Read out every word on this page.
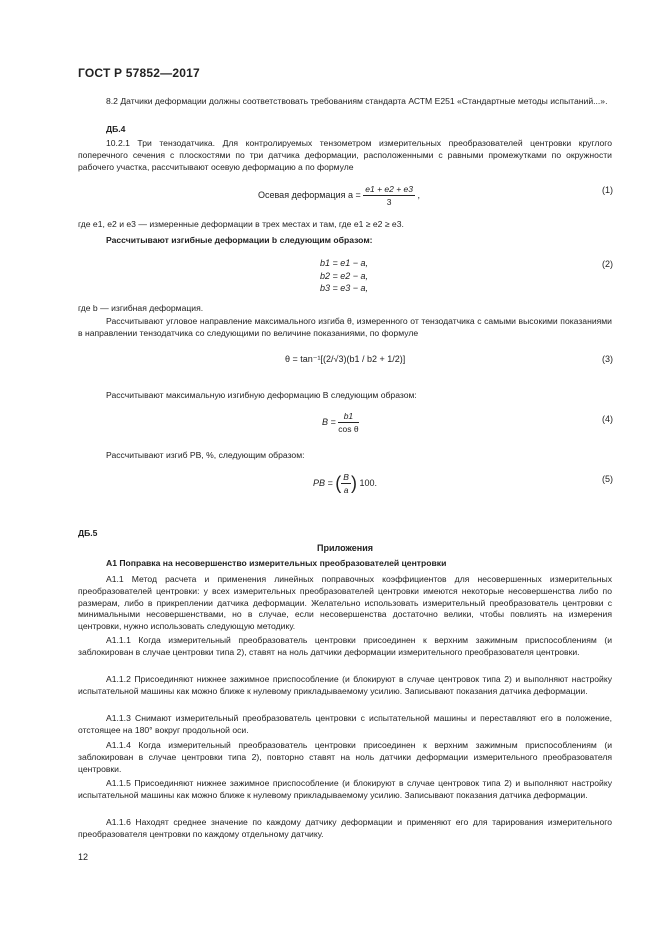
ГОСТ Р 57852—2017

8.2 Датчики деформации должны соответствовать требованиям стандарта АСТМ Е251 «Стандартные методы испытаний...».

ДБ.4

10.2.1 Три тензодатчика. Для контролируемых тензометром измерительных преобразователей центровки круглого поперечного сечения с плоскостями по три датчика деформации, расположенными с равными промежутками по окружности рабочего участка, рассчитывают осевую деформацию a по формуле

Осевая деформация $a = \frac{e1 + e2 + e3}{3}$ ,	(1)

где e1, e2 и e3 — измеренные деформации в трех местах и там, где e1 ≥ e2 ≥ e3.

Рассчитывают изгибные деформации b следующим образом:

b1 = e1 − a,
b2 = e2 − a,
b3 = e3 − a,
(2)

где b — изгибная деформация.

Рассчитывают угловое направление максимального изгиба θ, измеренного от тензодатчика с самыми высокими показаниями в направлении тензодатчика со следующими по величине показаниями, по формуле

θ = tan⁻¹[(2/√3)(b1 / b2 + 1/2)]	(3)

Рассчитывают максимальную изгибную деформацию B следующим образом:

$B = \frac{b1}{\text{cos θ}}$	(4)

Рассчитывают изгиб PB, %, следующим образом:

PB = ( $\frac{B}{a}$ ) 100.	(5)

ДБ.5

Приложения

А1 Поправка на несовершенство измерительных преобразователей центровки

А1.1 Метод расчета и применения линейных поправочных коэффициентов для несовершенных измерительных преобразователей центровки: у всех измерительных преобразователей центровки имеются некоторые несовершенства либо по размерам, либо в прикреплении датчика деформации. Желательно использовать измерительный преобразователь центровки с минимальными несовершенствами, но в случае, если несовершенства достаточно велики, чтобы повлиять на измерения центровки, нужно использовать следующую методику.

А1.1.1 Когда измерительный преобразователь центровки присоединен к верхним зажимным приспособлениям (и заблокирован в случае центровки типа 2), ставят на ноль датчики деформации измерительного преобразователя центровки.

А1.1.2 Присоединяют нижнее зажимное приспособление (и блокируют в случае центровок типа 2) и выполняют настройку испытательной машины как можно ближе к нулевому прикладываемому усилию. Записывают показания датчика деформации.

А1.1.3 Снимают измерительный преобразователь центровки с испытательной машины и переставляют его в положение, отстоящее на 180° вокруг продольной оси.

А1.1.4 Когда измерительный преобразователь центровки присоединен к верхним зажимным приспособлениям (и заблокирован в случае центровки типа 2), повторно ставят на ноль датчики деформации измерительного преобразователя центровки.

А1.1.5 Присоединяют нижнее зажимное приспособление (и блокируют в случае центровок типа 2) и выполняют настройку испытательной машины как можно ближе к нулевому прикладываемому усилию. Записывают показания датчика деформации.

А1.1.6 Находят среднее значение по каждому датчику деформации и применяют его для тарирования измерительного преобразователя центровки по каждому отдельному датчику.

12
